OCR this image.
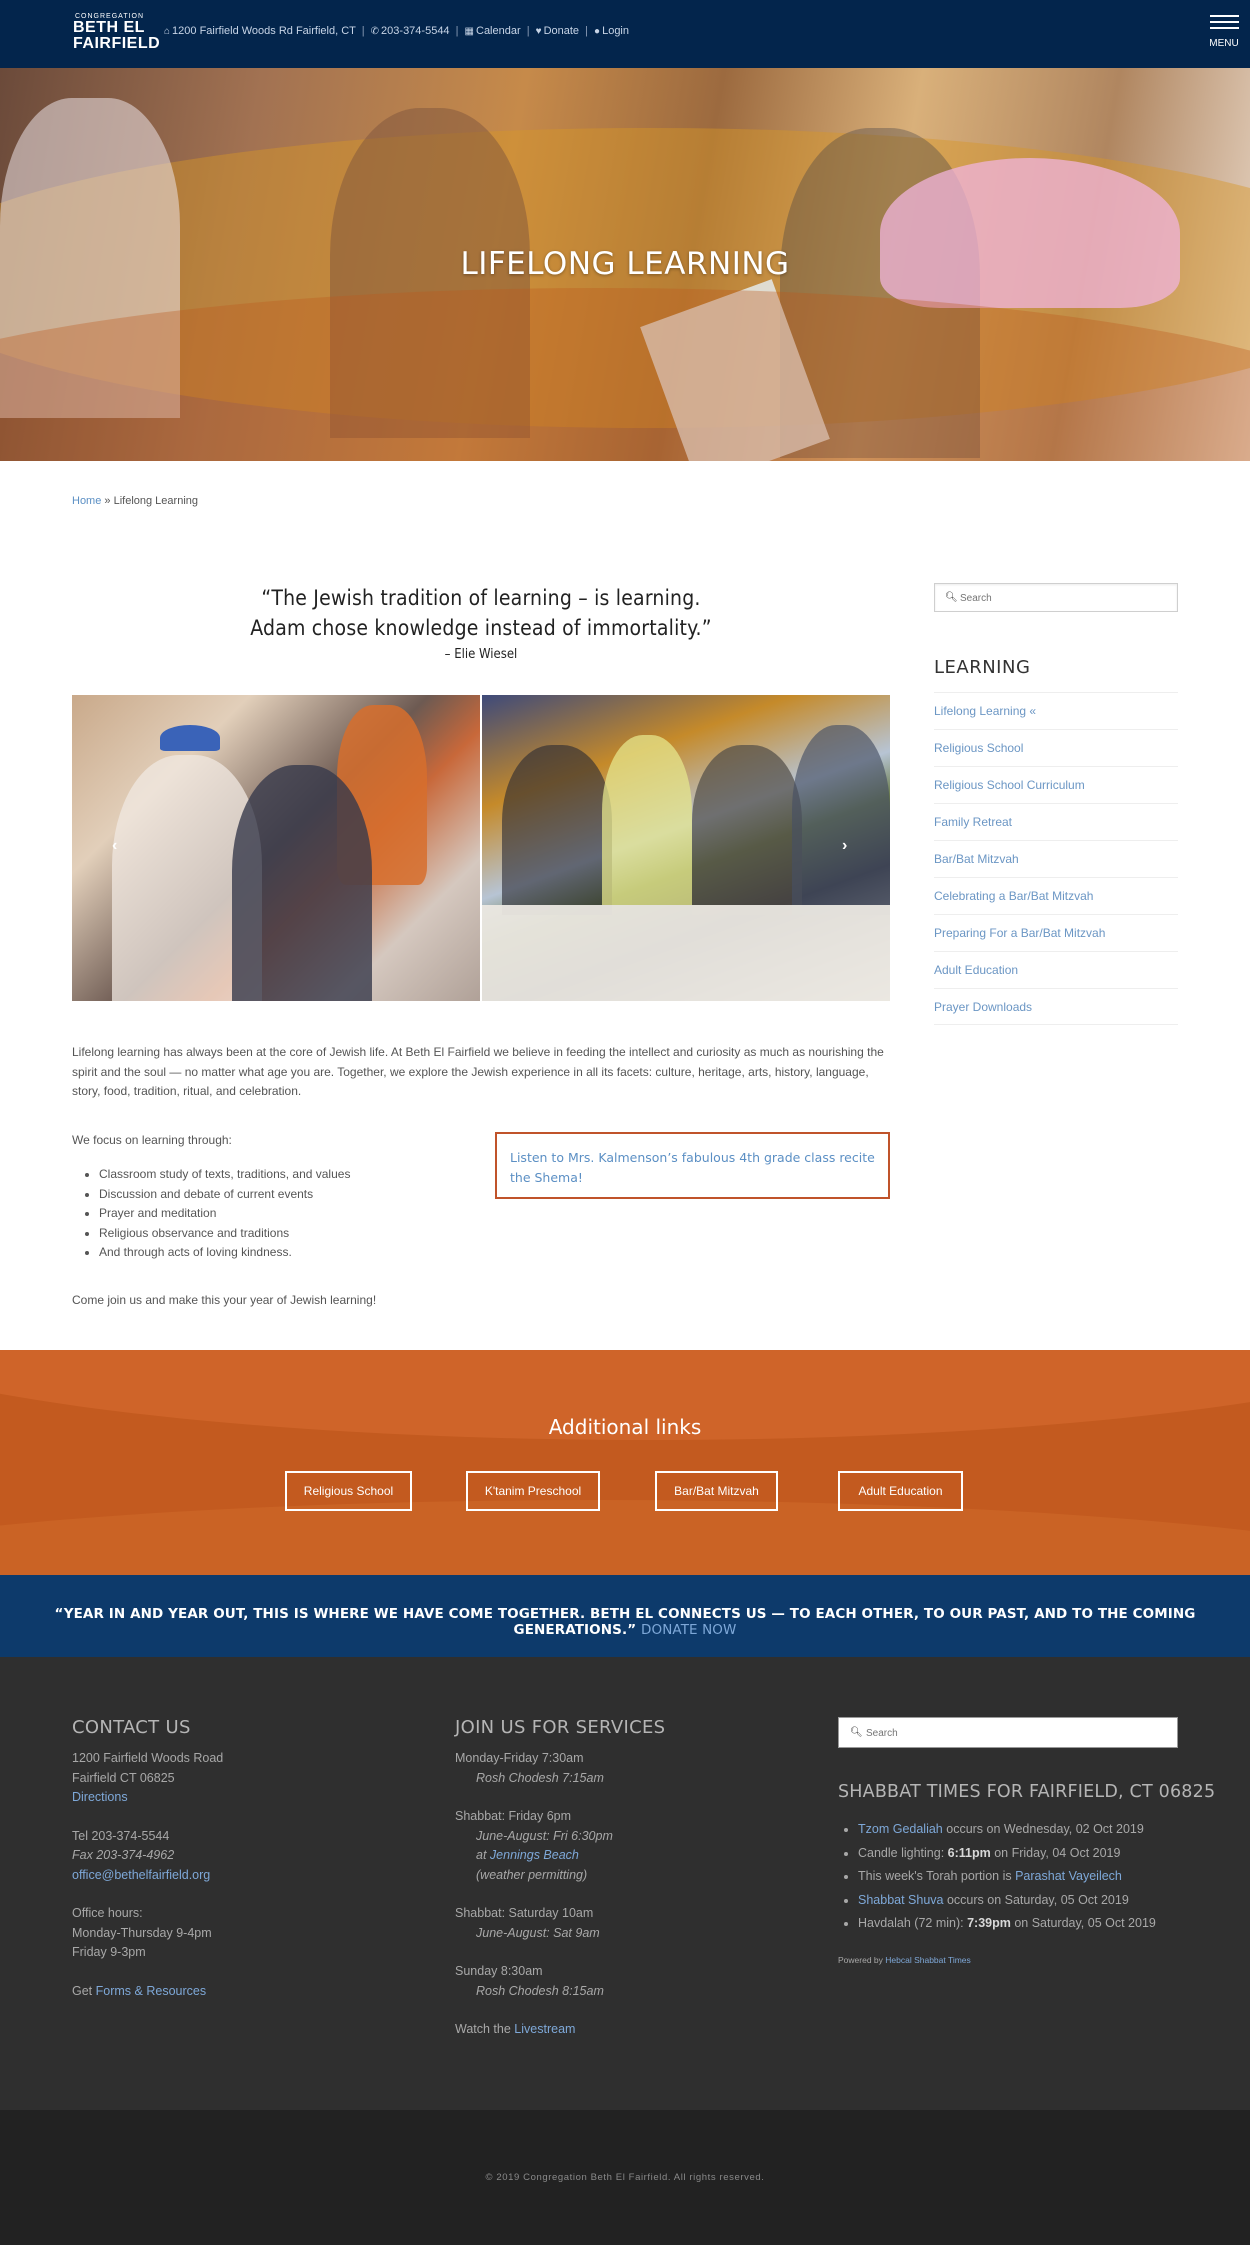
CONGREGATION
BETH EL
FAIRFIELD
⌂ 1200 Fairfield Woods Rd Fairfield, CT | ✆ 203-374-5544 | ▦ Calendar | ♥ Donate | ● Login
MENU
LIFELONG LEARNING
Home » Lifelong Learning
“The Jewish tradition of learning – is learning.
Adam chose knowledge instead of immortality.”
– Elie Wiesel
‹	›

Lifelong learning has always been at the core of Jewish life. At Beth El Fairfield we believe in feeding the intellect and curiosity as much as nourishing the spirit and the soul — no matter what age you are. Together, we explore the Jewish experience in all its facets: culture, heritage, arts, history, language, story, food, tradition, ritual, and celebration.

We focus on learning through:

• Classroom study of texts, traditions, and values
• Discussion and debate of current events
• Prayer and meditation
• Religious observance and traditions
• And through acts of loving kindness.
Listen to Mrs. Kalmenson’s fabulous 4th grade class recite the Shema!

Come join us and make this your year of Jewish learning!

🔍︎
Search
LEARNING
Lifelong Learning «
Religious School
Religious School Curriculum
Family Retreat
Bar/Bat Mitzvah
Celebrating a Bar/Bat Mitzvah
Preparing For a Bar/Bat Mitzvah
Adult Education
Prayer Downloads
Additional links
Religious School	K'tanim Preschool	Bar/Bat Mitzvah	Adult Education

“YEAR IN AND YEAR OUT, THIS IS WHERE WE HAVE COME TOGETHER. BETH EL CONNECTS US — TO EACH OTHER, TO OUR PAST, AND TO THE COMING GENERATIONS.” DONATE NOW

CONTACT US
1200 Fairfield Woods Road
Fairfield CT 06825
Directions
Tel 203-374-5544
Fax 203-374-4962
office@bethelfairfield.org
Office hours:
Monday-Thursday 9-4pm
Friday 9-3pm
Get Forms & Resources
JOIN US FOR SERVICES
Monday-Friday 7:30am
Rosh Chodesh 7:15am
Shabbat: Friday 6pm
June-August: Fri 6:30pm
at Jennings Beach
(weather permitting)
Shabbat: Saturday 10am
June-August: Sat 9am
Sunday 8:30am
Rosh Chodesh 8:15am
Watch the Livestream
🔍︎
Search
SHABBAT TIMES FOR FAIRFIELD, CT 06825
• Tzom Gedaliah occurs on Wednesday, 02 Oct 2019
• Candle lighting: 6:11pm on Friday, 04 Oct 2019
• This week's Torah portion is Parashat Vayeilech
• Shabbat Shuva occurs on Saturday, 05 Oct 2019
• Havdalah (72 min): 7:39pm on Saturday, 05 Oct 2019
Powered by Hebcal Shabbat Times

© 2019 Congregation Beth El Fairfield. All rights reserved.
